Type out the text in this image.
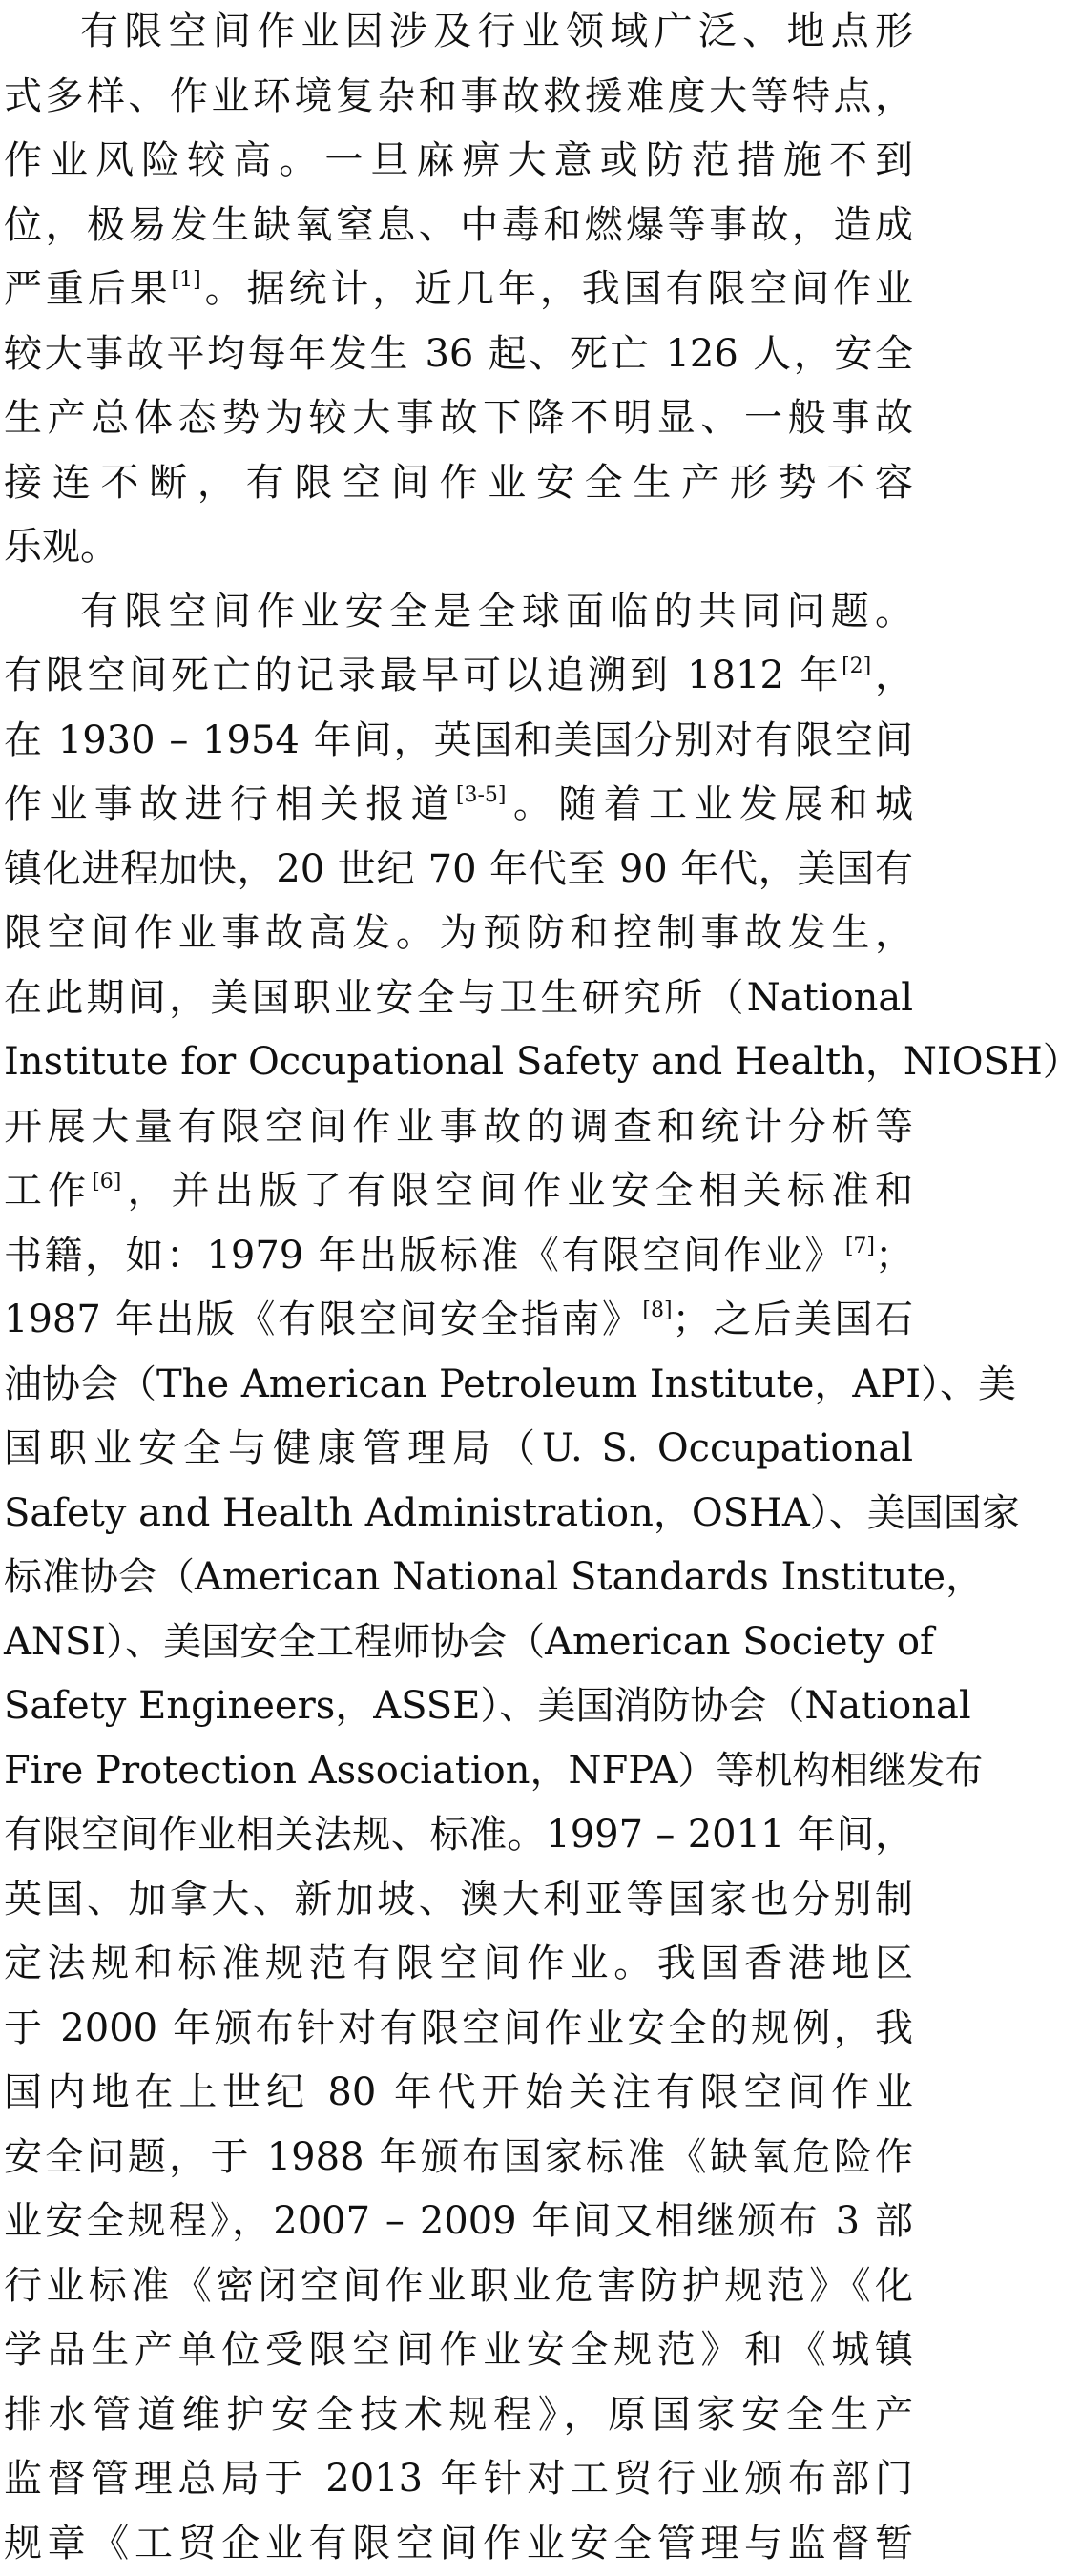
有限空间作业因涉及行业领域广泛、地点形
式多样、作业环境复杂和事故救援难度大等特点，
作业风险较高。一旦麻痹大意或防范措施不到
位，极易发生缺氧窒息、中毒和燃爆等事故，造成
严重后果[1]。据统计，近几年，我国有限空间作业
较大事故平均每年发生 36 起、死亡 126 人，安全
生产总体态势为较大事故下降不明显、一般事故
接连不断，有限空间作业安全生产形势不容
乐观。
有限空间作业安全是全球面临的共同问题。
有限空间死亡的记录最早可以追溯到 1812 年[2]，
在 1930 – 1954 年间，英国和美国分别对有限空间
作业事故进行相关报道[3-5]。随着工业发展和城
镇化进程加快，20 世纪 70 年代至 90 年代，美国有
限空间作业事故高发。为预防和控制事故发生，
在此期间，美国职业安全与卫生研究所（National
Institute for Occupational Safety and Health，NIOSH）
开展大量有限空间作业事故的调查和统计分析等
工作[6]，并出版了有限空间作业安全相关标准和
书籍，如：1979 年出版标准《有限空间作业》[7]；
1987 年出版《有限空间安全指南》[8]；之后美国石
油协会（The American Petroleum Institute，API）、美
国职业安全与健康管理局（U. S. Occupational
Safety and Health Administration，OSHA）、美国国家
标准协会（American National Standards Institute，
ANSI）、美国安全工程师协会（American Society of
Safety Engineers，ASSE）、美国消防协会（National
Fire Protection Association，NFPA）等机构相继发布
有限空间作业相关法规、标准。1997 – 2011 年间，
英国、加拿大、新加坡、澳大利亚等国家也分别制
定法规和标准规范有限空间作业。我国香港地区
于 2000 年颁布针对有限空间作业安全的规例，我
国内地在上世纪 80 年代开始关注有限空间作业
安全问题，于 1988 年颁布国家标准《缺氧危险作
业安全规程》，2007 – 2009 年间又相继颁布 3 部
行业标准《密闭空间作业职业危害防护规范》《化
学品生产单位受限空间作业安全规范》和《城镇
排水管道维护安全技术规程》，原国家安全生产
监督管理总局于 2013 年针对工贸行业颁布部门
规章《工贸企业有限空间作业安全管理与监督暂
